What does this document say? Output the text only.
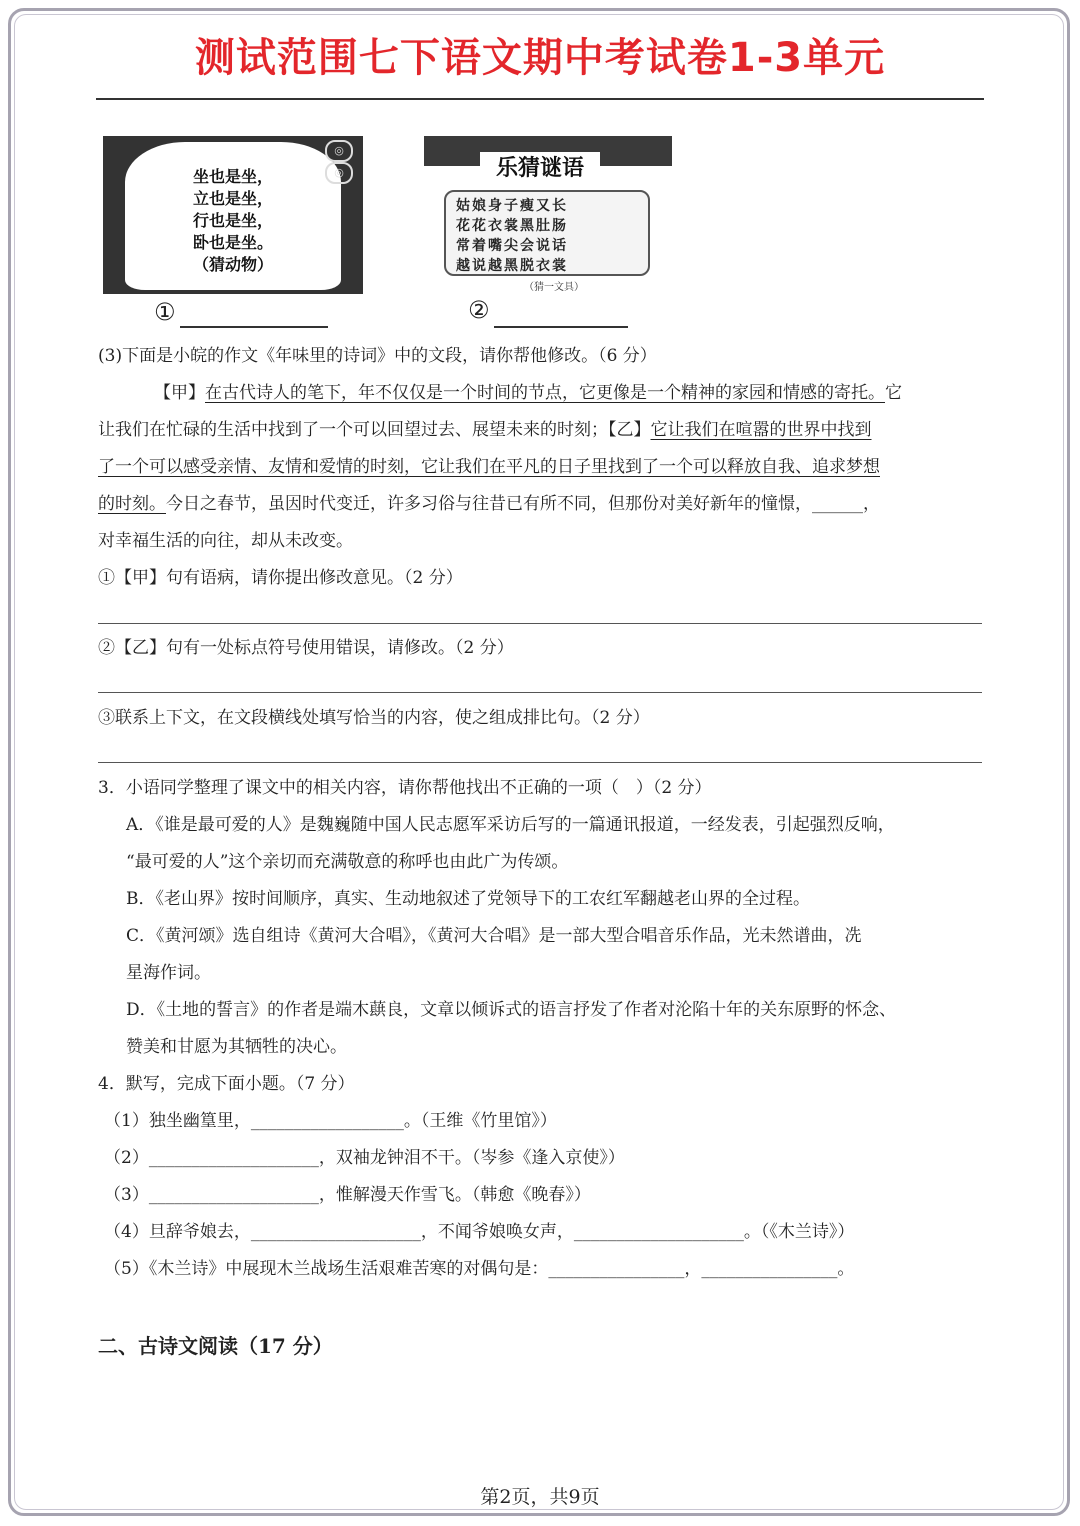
测试范围七下语文期中考试卷1-3单元
◎
◎
坐也是坐，
立也是坐，
行也是坐，
卧也是坐。
（猜动物）
①
乐猜谜语
姑娘身子瘦又长
花花衣裳黑肚肠
常着嘴尖会说话
越说越黑脱衣裳
（猜一文具）
②
(3)下面是小皖的作文《年味里的诗词》中的文段，请你帮他修改。（6 分）
【甲】在古代诗人的笔下，年不仅仅是一个时间的节点，它更像是一个精神的家园和情感的寄托。它
让我们在忙碌的生活中找到了一个可以回望过去、展望未来的时刻；【乙】它让我们在喧嚣的世界中找到
了一个可以感受亲情、友情和爱情的时刻，它让我们在平凡的日子里找到了一个可以释放自我、追求梦想
的时刻。今日之春节，虽因时代变迁，许多习俗与往昔已有所不同，但那份对美好新年的憧憬，______，
对幸福生活的向往，却从未改变。
①【甲】句有语病，请你提出修改意见。（2 分）
②【乙】句有一处标点符号使用错误，请修改。（2 分）
③联系上下文，在文段横线处填写恰当的内容，使之组成排比句。（2 分）
3．小语同学整理了课文中的相关内容，请你帮他找出不正确的一项（　）（2 分）
A．《谁是最可爱的人》是魏巍随中国人民志愿军采访后写的一篇通讯报道，一经发表，引起强烈反响，
“最可爱的人”这个亲切而充满敬意的称呼也由此广为传颂。
B．《老山界》按时间顺序，真实、生动地叙述了党领导下的工农红军翻越老山界的全过程。
C．《黄河颂》选自组诗《黄河大合唱》，《黄河大合唱》是一部大型合唱音乐作品，光未然谱曲，冼
星海作词。
D．《土地的誓言》的作者是端木蕻良，文章以倾诉式的语言抒发了作者对沦陷十年的关东原野的怀念、
赞美和甘愿为其牺牲的决心。
4．默写，完成下面小题。（7 分）
（1）独坐幽篁里，__________________。（王维《竹里馆》）
（2）____________________，双袖龙钟泪不干。（岑参《逢入京使》）
（3）____________________，惟解漫天作雪飞。（韩愈《晚春》）
（4）旦辞爷娘去，____________________，不闻爷娘唤女声，____________________。（《木兰诗》）
（5）《木兰诗》中展现木兰战场生活艰难苦寒的对偶句是：________________，________________。
二、古诗文阅读（17 分）
第2页，共9页
